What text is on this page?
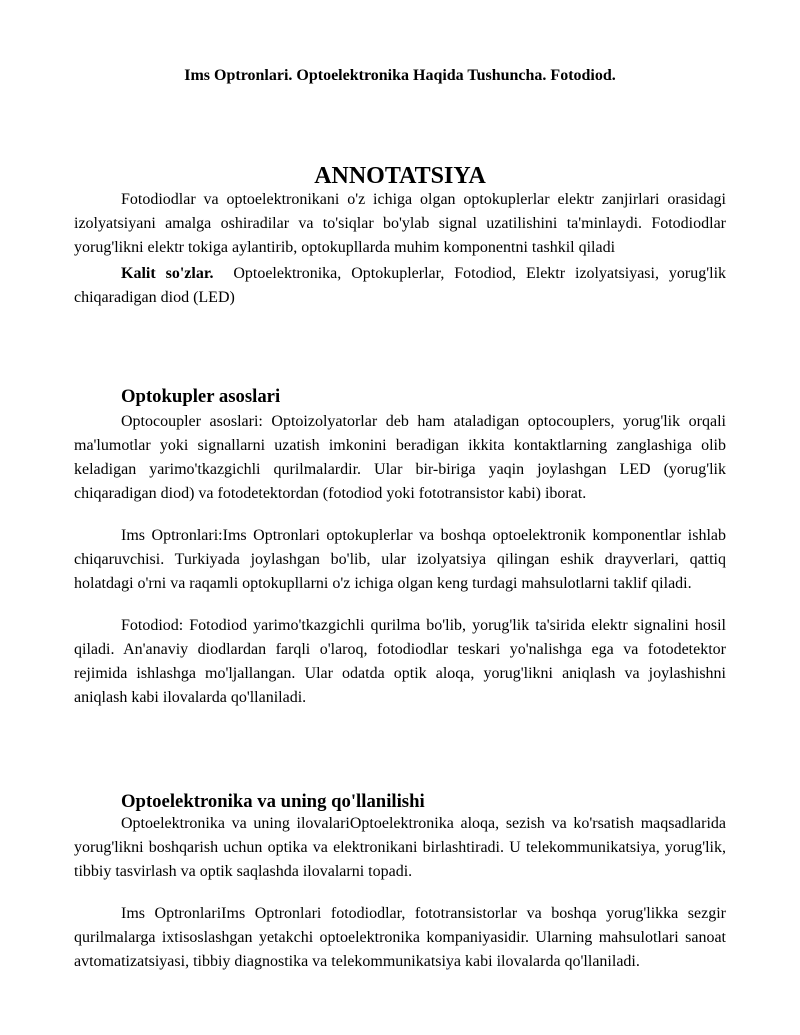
Ims Optronlari. Optoelektronika Haqida Tushuncha. Fotodiod.
ANNOTATSIYA

Fotodiodlar va optoelektronikani o'z ichiga olgan optokuplerlar elektr zanjirlari orasidagi izolyatsiyani amalga oshiradilar va to'siqlar bo'ylab signal uzatilishini ta'minlaydi. Fotodiodlar yorug'likni elektr tokiga aylantirib, optokupllarda muhim komponentni tashkil qiladi

Kalit so'zlar. Optoelektronika, Optokuplerlar, Fotodiod, Elektr izolyatsiyasi, yorug'lik chiqaradigan diod (LED)

Optokupler asoslari

Optocoupler asoslari: Optoizolyatorlar deb ham ataladigan optocouplers, yorug'lik orqali ma'lumotlar yoki signallarni uzatish imkonini beradigan ikkita kontaktlarning zanglashiga olib keladigan yarimo'tkazgichli qurilmalardir. Ular bir-biriga yaqin joylashgan LED (yorug'lik chiqaradigan diod) va fotodetektordan (fotodiod yoki fototransistor kabi) iborat.

Ims Optronlari:Ims Optronlari optokuplerlar va boshqa optoelektronik komponentlar ishlab chiqaruvchisi. Turkiyada joylashgan bo'lib, ular izolyatsiya qilingan eshik drayverlari, qattiq holatdagi o'rni va raqamli optokupllarni o'z ichiga olgan keng turdagi mahsulotlarni taklif qiladi.

Fotodiod: Fotodiod yarimo'tkazgichli qurilma bo'lib, yorug'lik ta'sirida elektr signalini hosil qiladi. An'anaviy diodlardan farqli o'laroq, fotodiodlar teskari yo'nalishga ega va fotodetektor rejimida ishlashga mo'ljallangan. Ular odatda optik aloqa, yorug'likni aniqlash va joylashishni aniqlash kabi ilovalarda qo'llaniladi.

Optoelektronika va uning qo'llanilishi

Optoelektronika va uning ilovalariOptoelektronika aloqa, sezish va ko'rsatish maqsadlarida yorug'likni boshqarish uchun optika va elektronikani birlashtiradi. U telekommunikatsiya, yorug'lik, tibbiy tasvirlash va optik saqlashda ilovalarni topadi.

Ims OptronlariIms Optronlari fotodiodlar, fototransistorlar va boshqa yorug'likka sezgir qurilmalarga ixtisoslashgan yetakchi optoelektronika kompaniyasidir. Ularning mahsulotlari sanoat avtomatizatsiyasi, tibbiy diagnostika va telekommunikatsiya kabi ilovalarda qo'llaniladi.
